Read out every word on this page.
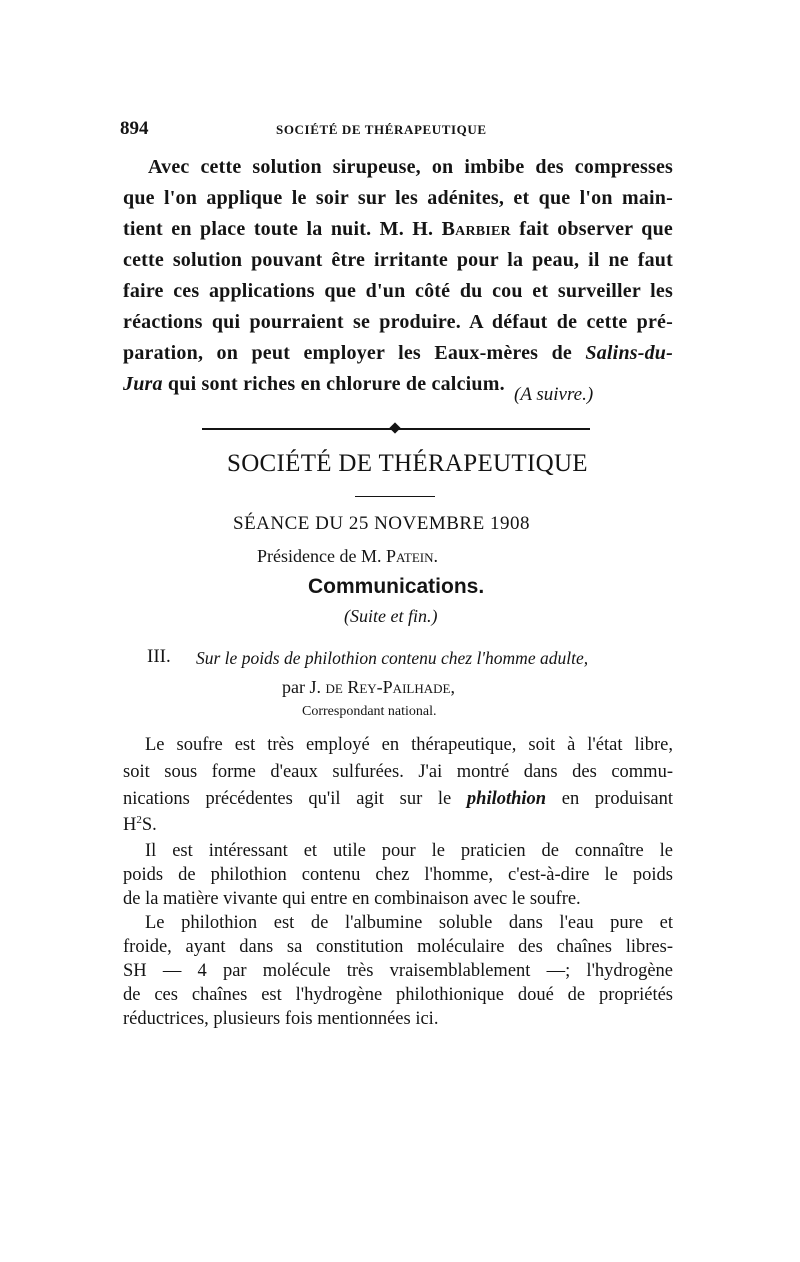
894	SOCIÉTÉ DE THÉRAPEUTIQUE
Avec cette solution sirupeuse, on imbibe des compresses
que l'on applique le soir sur les adénites, et que l'on main-
tient en place toute la nuit. M. H. Barbier fait observer que
cette solution pouvant être irritante pour la peau, il ne faut
faire ces applications que d'un côté du cou et surveiller les
réactions qui pourraient se produire. A défaut de cette pré-
paration, on peut employer les Eaux-mères de Salins-du-
Jura qui sont riches en chlorure de calcium. (A suivre.)
SOCIÉTÉ DE THÉRAPEUTIQUE
SÉANCE DU 25 NOVEMBRE 1908
Présidence de M. Patein.
Communications.
(Suite et fin.)
III. Sur le poids de philothion contenu chez l'homme adulte,
par J. de Rey-Pailhade,
Correspondant national.
Le soufre est très employé en thérapeutique, soit à l'état libre,
soit sous forme d'eaux sulfurées. J'ai montré dans des commu-
nications précédentes qu'il agit sur le philothion en produisant
$H^2S$.
Il est intéressant et utile pour le praticien de connaître le
poids de philothion contenu chez l'homme, c'est-à-dire le poids
de la matière vivante qui entre en combinaison avec le soufre.
Le philothion est de l'albumine soluble dans l'eau pure et
froide, ayant dans sa constitution moléculaire des chaînes libres-
SH — 4 par molécule très vraisemblablement —; l'hydrogène
de ces chaînes est l'hydrogène philothionique doué de propriétés
réductrices, plusieurs fois mentionnées ici.
